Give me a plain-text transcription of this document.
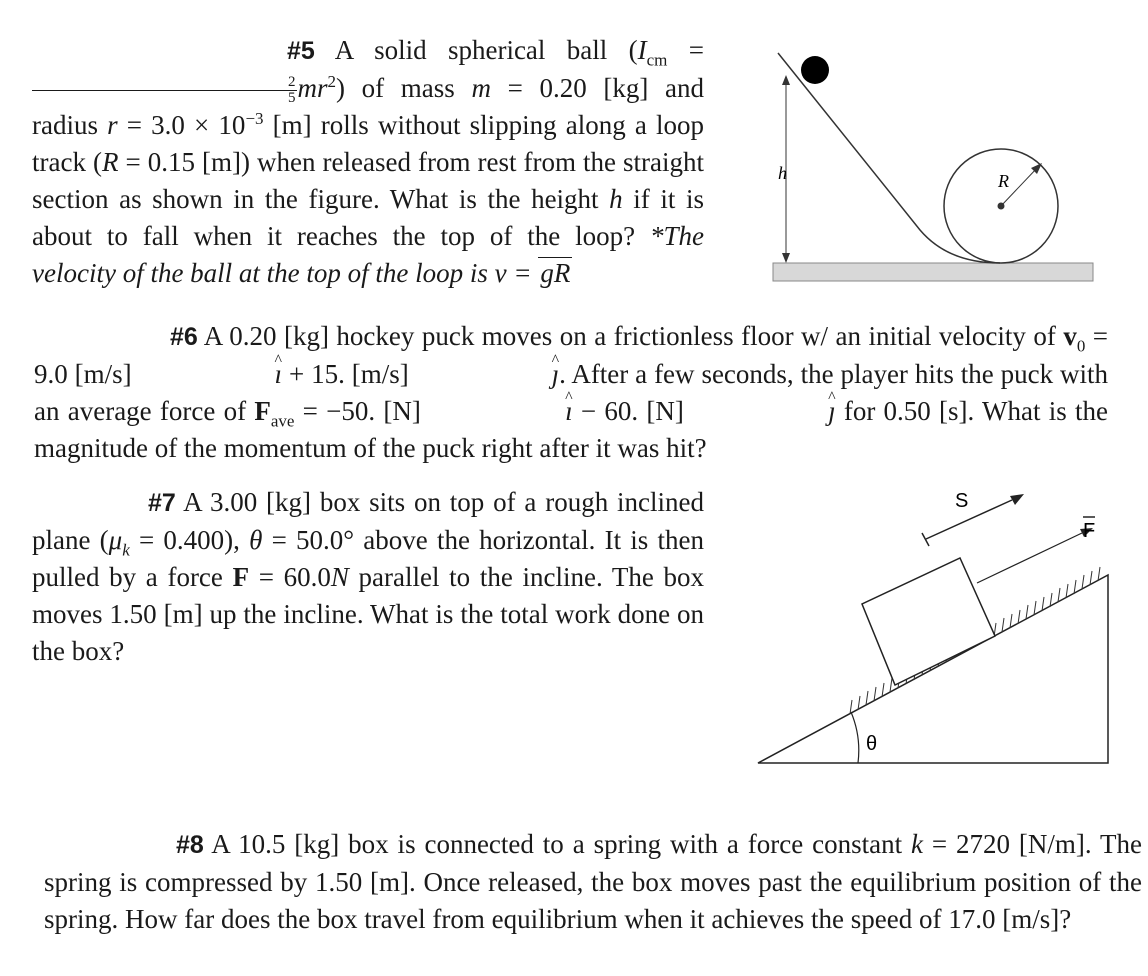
#5 A solid spherical ball ($I_{cm}$ =
$\frac{2}{5} mr^2$) of mass m = 0.20 [kg] and radius $r = 3.0 \times 10^{-3}$ [m] rolls without slipping along a loop track (R = 0.15 [m]) when released from rest from the straight section as shown in the figure. What is the height h if it is about to fall when it reaches the top of the loop? *The velocity of the ball at the top of the loop is v = gR

h	R

#6 A 0.20 [kg] hockey puck moves on a frictionless floor w/ an initial velocity of $v_0 = 9.0$ [m/s]	ı ^ + 15. [m/s]	ȷ ^. After a few seconds, the player hits the puck with an average force of $F_{ave} = -50$. [N]	ı ^ − 60. [N]	ȷ ^ for 0.50 [s]. What is the magnitude of the momentum of the puck right after it was hit?

#7 A 3.00 [kg] box sits on top of a rough inclined plane $(\mu_k = 0.400)$, θ = 50.0° above the horizontal. It is then pulled by a force F = 60.0N parallel to the incline. The box moves 1.50 [m] up the incline. What is the total work done on the box?

F
S
θ

#8 A 10.5 [kg] box is connected to a spring with a force constant k = 2720 [N/m]. The spring is compressed by 1.50 [m]. Once released, the box moves past the equilibrium position of the spring. How far does the box travel from equilibrium when it achieves the speed of 17.0 [m/s]?
